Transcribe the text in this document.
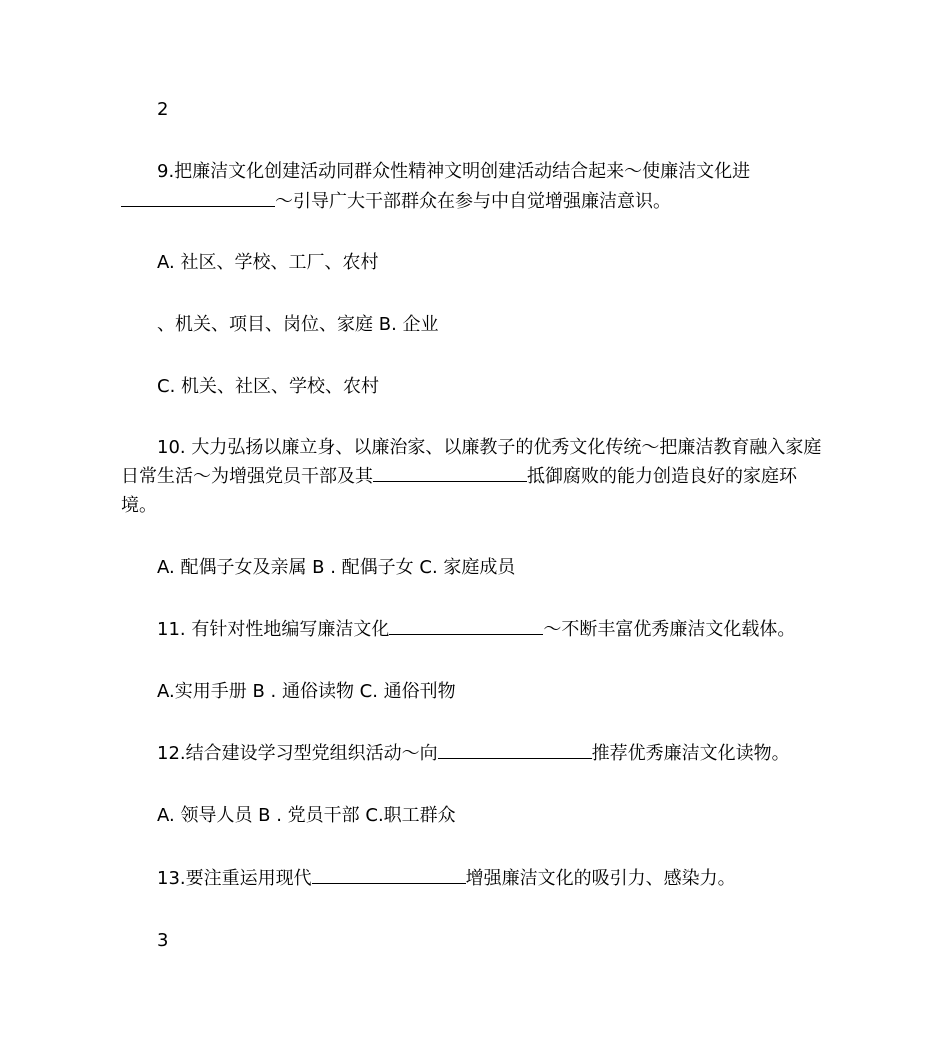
2
9.把廉洁文化创建活动同群众性精神文明创建活动结合起来～使廉洁文化进
～引导广大干部群众在参与中自觉增强廉洁意识。
A. 社区、学校、工厂、农村
、机关、项目、岗位、家庭 B. 企业
C. 机关、社区、学校、农村
10. 大力弘扬以廉立身、以廉治家、以廉教子的优秀文化传统～把廉洁教育融入家庭
日常生活～为增强党员干部及其	抵御腐败的能力创造良好的家庭环
境。
A. 配偶子女及亲属 B . 配偶子女 C. 家庭成员
11. 有针对性地编写廉洁文化	～不断丰富优秀廉洁文化载体。
A.实用手册 B . 通俗读物 C. 通俗刊物
12.结合建设学习型党组织活动～向	推荐优秀廉洁文化读物。
A. 领导人员 B . 党员干部 C.职工群众
13.要注重运用现代	增强廉洁文化的吸引力、感染力。
3
